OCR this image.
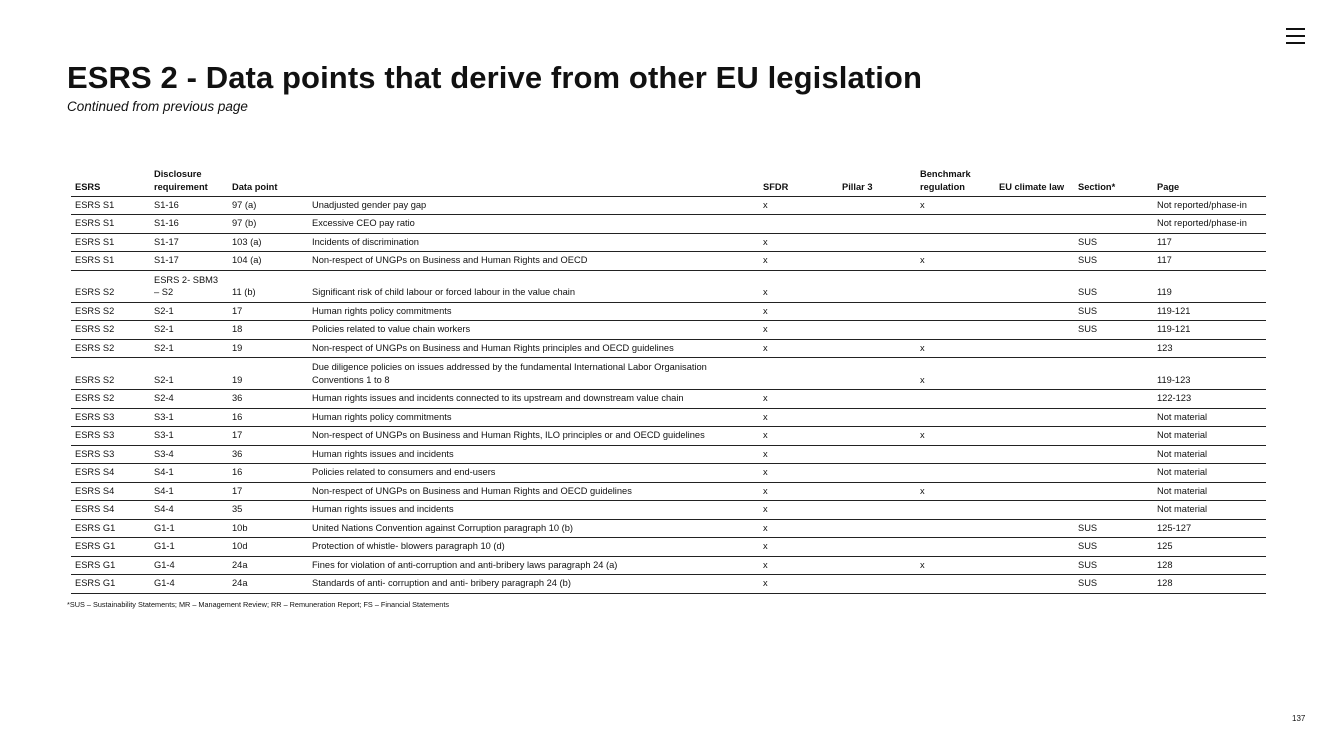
ESRS 2 - Data points that derive from other EU legislation
Continued from previous page
ESRS	Disclosure requirement	Data point		SFDR	Pillar 3	Benchmark regulation	EU climate law	Section*	Page
ESRS S1	S1-16	97 (a)	Unadjusted gender pay gap	x		x			Not reported/phase-in
ESRS S1	S1-16	97 (b)	Excessive CEO pay ratio						Not reported/phase-in
ESRS S1	S1-17	103 (a)	Incidents of discrimination	x				SUS	117
ESRS S1	S1-17	104 (a)	Non-respect of UNGPs on Business and Human Rights and OECD	x		x		SUS	117
ESRS S2	ESRS 2- SBM3 – S2	11 (b)	Significant risk of child labour or forced labour in the value chain	x				SUS	119
ESRS S2	S2-1	17	Human rights policy commitments	x				SUS	119-121
ESRS S2	S2-1	18	Policies related to value chain workers	x				SUS	119-121
ESRS S2	S2-1	19	Non-respect of UNGPs on Business and Human Rights principles and OECD guidelines	x		x			123
ESRS S2	S2-1	19	Due diligence policies on issues addressed by the fundamental International Labor Organisation Conventions 1 to 8			x			119-123
ESRS S2	S2-4	36	Human rights issues and incidents connected to its upstream and downstream value chain	x					122-123
ESRS S3	S3-1	16	Human rights policy commitments	x					Not material
ESRS S3	S3-1	17	Non-respect of UNGPs on Business and Human Rights, ILO principles or and OECD guidelines	x		x			Not material
ESRS S3	S3-4	36	Human rights issues and incidents	x					Not material
ESRS S4	S4-1	16	Policies related to consumers and end-users	x					Not material
ESRS S4	S4-1	17	Non-respect of UNGPs on Business and Human Rights and OECD guidelines	x		x			Not material
ESRS S4	S4-4	35	Human rights issues and incidents	x					Not material
ESRS G1	G1-1	10b	United Nations Convention against Corruption paragraph 10 (b)	x				SUS	125-127
ESRS G1	G1-1	10d	Protection of whistle- blowers paragraph 10 (d)	x				SUS	125
ESRS G1	G1-4	24a	Fines for violation of anti-corruption and anti-bribery laws paragraph 24 (a)	x		x		SUS	128
ESRS G1	G1-4	24a	Standards of anti- corruption and anti- bribery paragraph 24 (b)	x				SUS	128
*SUS – Sustainability Statements; MR – Management Review; RR – Remuneration Report; FS – Financial Statements
137
